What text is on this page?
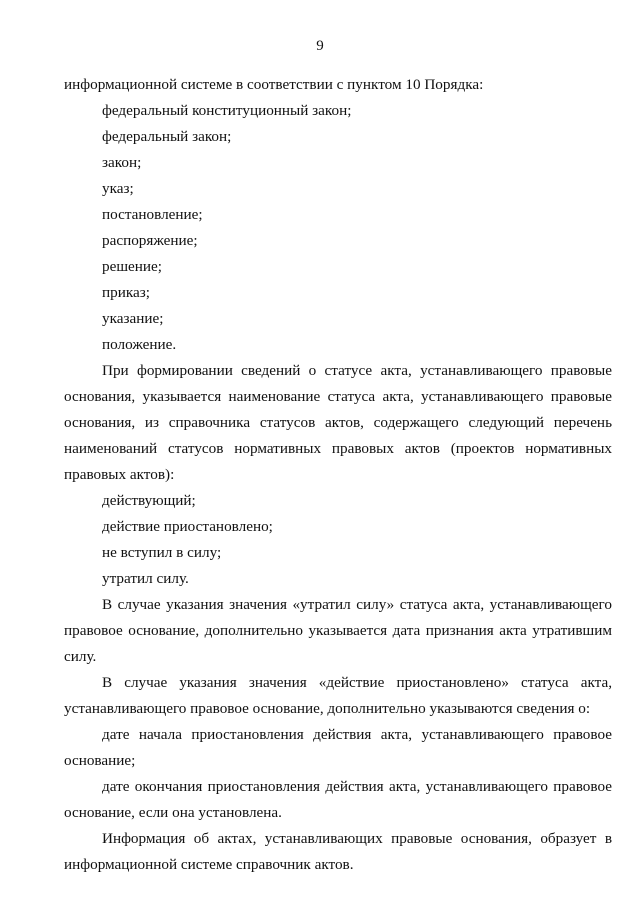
9

информационной системе в соответствии с пунктом 10 Порядка:

федеральный конституционный закон;
федеральный закон;
закон;
указ;
постановление;
распоряжение;
решение;
приказ;
указание;
положение.

При формировании сведений о статусе акта, устанавливающего правовые основания, указывается наименование статуса акта, устанавливающего правовые основания, из справочника статусов актов, содержащего следующий перечень наименований статусов нормативных правовых актов (проектов нормативных правовых актов):

действующий;
действие приостановлено;
не вступил в силу;
утратил силу.

В случае указания значения «утратил силу» статуса акта, устанавливающего правовое основание, дополнительно указывается дата признания акта утратившим силу.

В случае указания значения «действие приостановлено» статуса акта, устанавливающего правовое основание, дополнительно указываются сведения о:

дате начала приостановления действия акта, устанавливающего правовое основание;

дате окончания приостановления действия акта, устанавливающего правовое основание, если она установлена.

Информация об актах, устанавливающих правовые основания, образует в информационной системе справочник актов.
